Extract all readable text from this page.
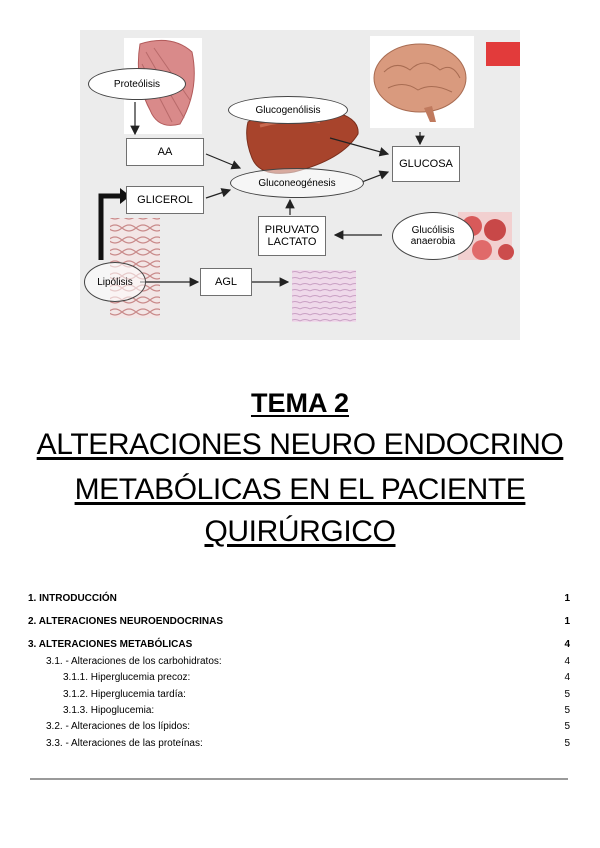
Proteólisis
Glucogenólisis
Gluconeogénesis
Glucólisis anaerobia
Lipólisis
AA
GLICEROL
PIRUVATO LACTATO
GLUCOSA
AGL
TEMA 2
ALTERACIONES NEURO ENDOCRINO
METABÓLICAS EN EL PACIENTE
QUIRÚRGICO
1. INTRODUCCIÓN	1
2. ALTERACIONES NEUROENDOCRINAS	1
3. ALTERACIONES METABÓLICAS	4
3.1. - Alteraciones de los carbohidratos:	4
3.1.1. Hiperglucemia precoz:	4
3.1.2. Hiperglucemia tardía:	5
3.1.3. Hipoglucemia:	5
3.2. - Alteraciones de los lípidos:	5
3.3. - Alteraciones de las proteínas:	5
